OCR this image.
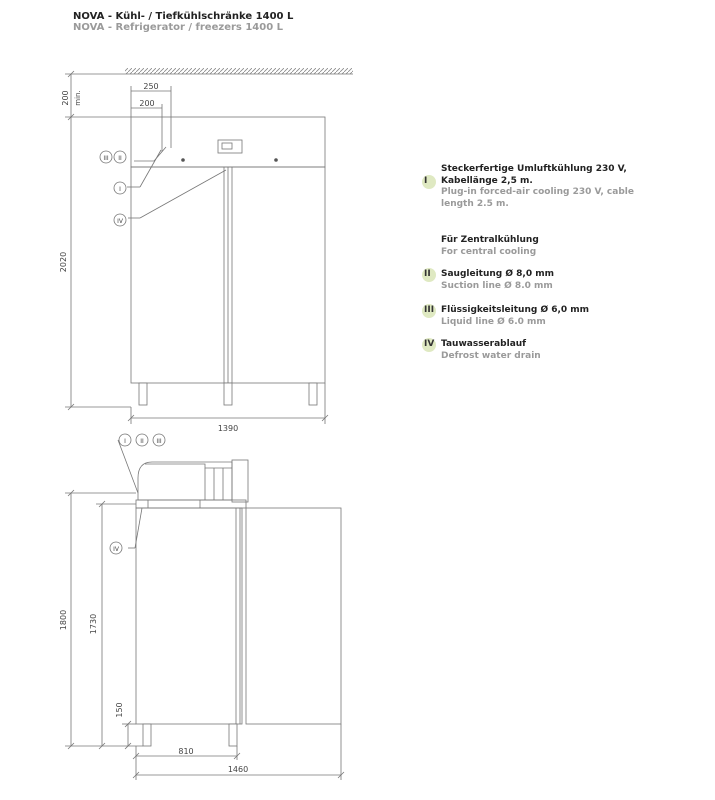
NOVA - Kühl- / Tiefkühlschränke 1400 L
NOVA - Refrigerator / freezers 1400 L
200 min.
250
200
2020
1390
III II
I
IV
1800	1730
150
810
1460
I II III
IV
I
Steckerfertige Umluftkühlung 230 V,
Kabellänge 2,5 m.
Plug-in forced-air cooling 230 V, cable
length 2.5 m.
Für Zentralkühlung
For central cooling
II	Saugleitung Ø 8,0 mm
Suction line Ø 8.0 mm
III Flüssigkeitsleitung Ø 6,0 mm
Liquid line Ø 6.0 mm
IV Tauwasserablauf
Defrost water drain
